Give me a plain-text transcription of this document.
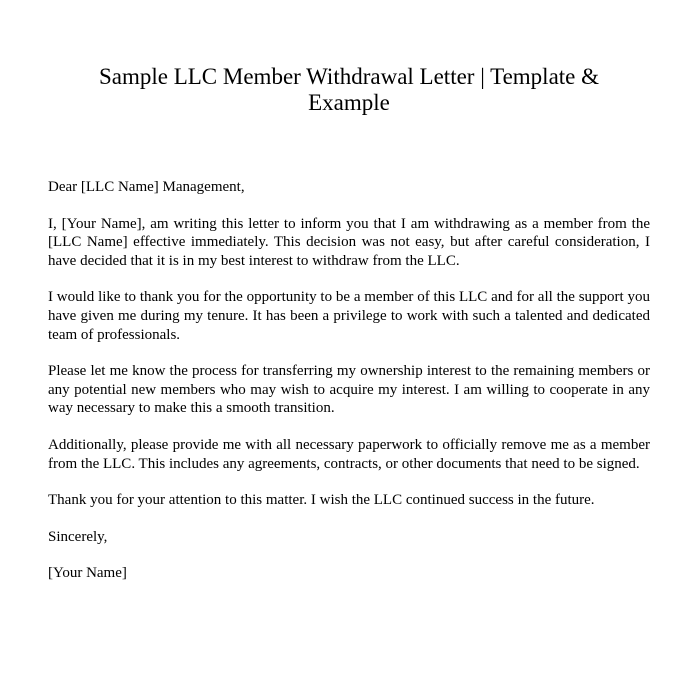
Sample LLC Member Withdrawal Letter | Template & Example

Dear [LLC Name] Management,

I, [Your Name], am writing this letter to inform you that I am withdrawing as a member from the [LLC Name] effective immediately. This decision was not easy, but after careful consideration, I have decided that it is in my best interest to withdraw from the LLC.

I would like to thank you for the opportunity to be a member of this LLC and for all the support you have given me during my tenure. It has been a privilege to work with such a talented and dedicated team of professionals.

Please let me know the process for transferring my ownership interest to the remaining members or any potential new members who may wish to acquire my interest. I am willing to cooperate in any way necessary to make this a smooth transition.

Additionally, please provide me with all necessary paperwork to officially remove me as a member from the LLC. This includes any agreements, contracts, or other documents that need to be signed.

Thank you for your attention to this matter. I wish the LLC continued success in the future.

Sincerely,

[Your Name]
